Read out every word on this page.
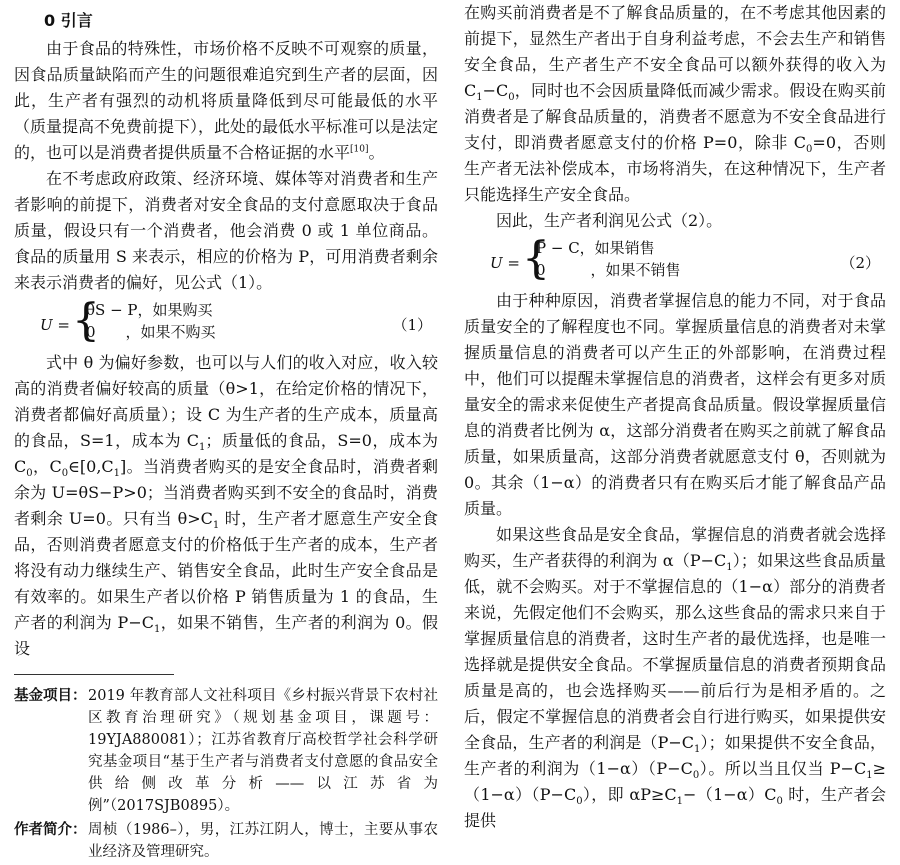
0 引言

由于食品的特殊性，市场价格不反映不可观察的质量，因食品质量缺陷而产生的问题很难追究到生产者的层面，因此，生产者有强烈的动机将质量降低到尽可能最低的水平（质量提高不免费前提下），此处的最低水平标准可以是法定的，也可以是消费者提供质量不合格证据的水平[10]。

在不考虑政府政策、经济环境、媒体等对消费者和生产者影响的前提下，消费者对安全食品的支付意愿取决于食品质量，假设只有一个消费者，他会消费 0 或 1 单位商品。食品的质量用 S 来表示，相应的价格为 P，可用消费者剩余来表示消费者的偏好，见公式（1）。

U = {
θS − P，如果购买
0　　，如果不购买	（1）

式中 θ 为偏好参数，也可以与人们的收入对应，收入较高的消费者偏好较高的质量（θ>1，在给定价格的情况下，消费者都偏好高质量）；设 C 为生产者的生产成本，质量高的食品，S=1，成本为 $C_1$；质量低的食品，S=0，成本为 $C_0$，$C_0\in[0,C_1]$。当消费者购买的是安全食品时，消费者剩余为 U=θS−P>0；当消费者购买到不安全的食品时，消费者剩余 U=0。只有当 $\theta>C_1$ 时，生产者才愿意生产安全食品，否则消费者愿意支付的价格低于生产者的成本，生产者将没有动力继续生产、销售安全食品，此时生产安全食品是有效率的。如果生产者以价格 P 销售质量为 1 的食品，生产者的利润为 $P-C_1$，如果不销售，生产者的利润为 0。假设

基金项目： 2019 年教育部人文社科项目《乡村振兴背景下农村社区教育治理研究》（规划基金项目，课题号：19YJA880081）；江苏省教育厅高校哲学社会科学研究基金项目“基于生产者与消费者支付意愿的食品安全供给侧改革分析——以江苏省为例”（2017SJB0895）。

作者简介： 周桢（1986–），男，江苏江阴人，博士，主要从事农业经济及管理研究。

在购买前消费者是不了解食品质量的，在不考虑其他因素的前提下，显然生产者出于自身利益考虑，不会去生产和销售安全食品，生产者生产不安全食品可以额外获得的收入为 $C_1-C_0$，同时也不会因质量降低而减少需求。假设在购买前消费者是了解食品质量的，消费者不愿意为不安全食品进行支付，即消费者愿意支付的价格 P=0，除非 $C_0=0$，否则生产者无法补偿成本，市场将消失，在这种情况下，生产者只能选择生产安全食品。

因此，生产者利润见公式（2）。

U = {
P − C，如果销售
0　　　，如果不销售	（2）

由于种种原因，消费者掌握信息的能力不同，对于食品质量安全的了解程度也不同。掌握质量信息的消费者对未掌握质量信息的消费者可以产生正的外部影响，在消费过程中，他们可以提醒未掌握信息的消费者，这样会有更多对质量安全的需求来促使生产者提高食品质量。假设掌握质量信息的消费者比例为 α，这部分消费者在购买之前就了解食品质量，如果质量高，这部分消费者就愿意支付 θ，否则就为 0。其余（1−α）的消费者只有在购买后才能了解食品产品质量。

如果这些食品是安全食品，掌握信息的消费者就会选择购买，生产者获得的利润为 $\alpha(P-C_1)$；如果这些食品质量低，就不会购买。对于不掌握信息的（1−α）部分的消费者来说，先假定他们不会购买，那么这些食品的需求只来自于掌握质量信息的消费者，这时生产者的最优选择，也是唯一选择就是提供安全食品。不掌握质量信息的消费者预期食品质量是高的，也会选择购买——前后行为是相矛盾的。之后，假定不掌握信息的消费者会自行进行购买，如果提供安全食品，生产者的利润是$(P-C_1)$；如果提供不安全食品，生产者的利润为$(1-\alpha)(P-C_0)$。所以当且仅当 $P-C_1\ge(1-\alpha)(P-C_0)$，即 $\alpha P\ge C_1-(1-\alpha)C_0$ 时，生产者会提供
